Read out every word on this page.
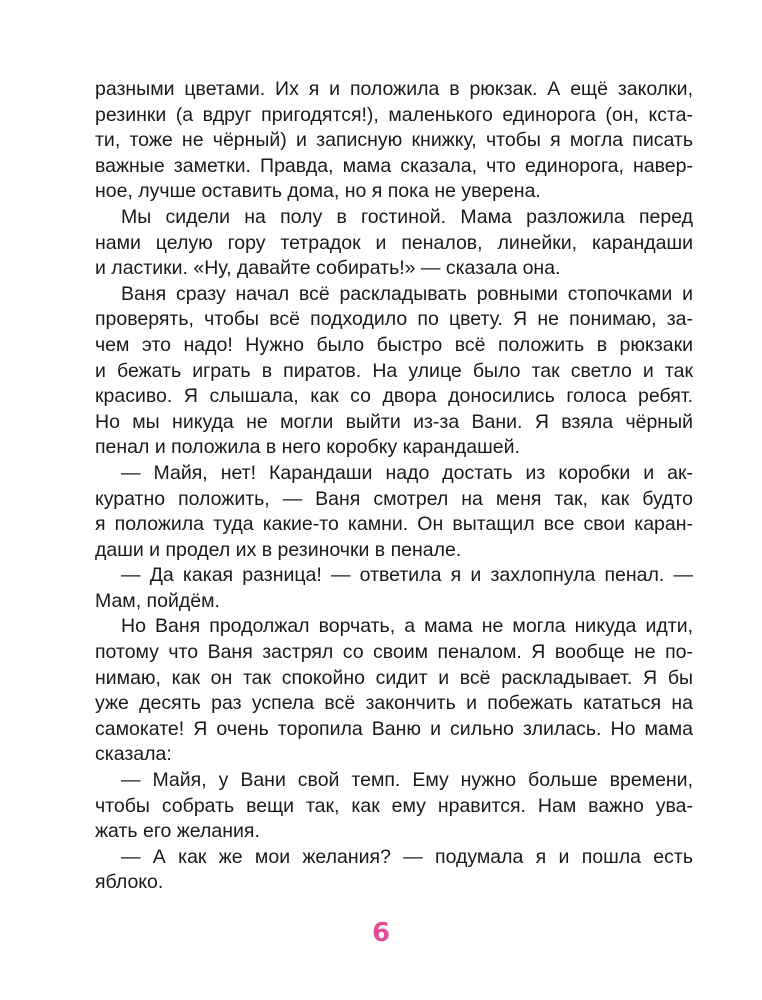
разными цветами. Их я и положила в рюкзак. А ещё заколки,
резинки (а вдруг пригодятся!), маленького единорога (он, кста-
ти, тоже не чёрный) и записную книжку, чтобы я могла писать
важные заметки. Правда, мама сказала, что единорога, навер-
ное, лучше оставить дома, но я пока не уверена.

Мы сидели на полу в гостиной. Мама разложила перед
нами целую гору тетрадок и пеналов, линейки, карандаши
и ластики. «Ну, давайте собирать!» — сказала она.

Ваня сразу начал всё раскладывать ровными стопочками и
проверять, чтобы всё подходило по цвету. Я не понимаю, за-
чем это надо! Нужно было быстро всё положить в рюкзаки
и бежать играть в пиратов. На улице было так светло и так
красиво. Я слышала, как со двора доносились голоса ребят.
Но мы никуда не могли выйти из-за Вани. Я взяла чёрный
пенал и положила в него коробку карандашей.

— Майя, нет! Карандаши надо достать из коробки и ак-
куратно положить, — Ваня смотрел на меня так, как будто
я положила туда какие-то камни. Он вытащил все свои каран-
даши и продел их в резиночки в пенале.

— Да какая разница! — ответила я и захлопнула пенал. —
Мам, пойдём.

Но Ваня продолжал ворчать, а мама не могла никуда идти,
потому что Ваня застрял со своим пеналом. Я вообще не по-
нимаю, как он так спокойно сидит и всё раскладывает. Я бы
уже десять раз успела всё закончить и побежать кататься на
самокате! Я очень торопила Ваню и сильно злилась. Но мама
сказала:

— Майя, у Вани свой темп. Ему нужно больше времени,
чтобы собрать вещи так, как ему нравится. Нам важно ува-
жать его желания.

— А как же мои желания? — подумала я и пошла есть
яблоко.

6
